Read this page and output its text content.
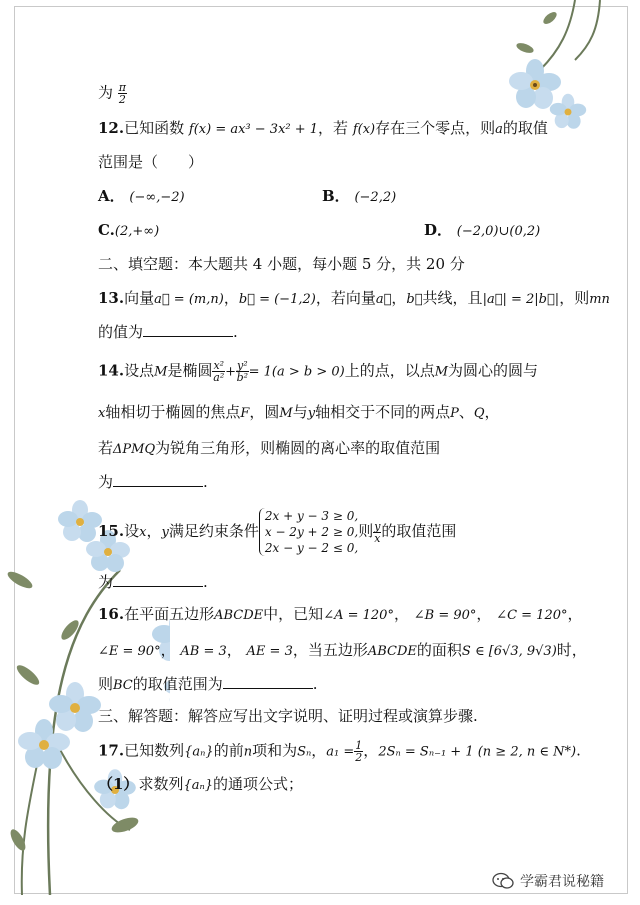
为 $\frac{\pi}{2}$
12.已知函数 f(x) = ax³ − 3x² + 1，若 f(x)存在三个零点，则a的取值
范围是（　　）
A． (−∞,−2)	B． (−2,2)
C.(2,+∞)	D． (−2,0)∪(0,2)
二、填空题：本大题共 4 小题，每小题 5 分，共 20 分
13.向量a⃗ = (m,n)，b⃗ = (−1,2)，若向量a⃗，b⃗共线，且|a⃗| = 2|b⃗|，则mn
的值为	.
14.设点M是椭圆 $\frac{\text{x²}}{\text{a²}} + \frac{\text{y²}}{\text{b²}} = 1(a > b > 0)$上的点，以点M为圆心的圆与
x轴相切于椭圆的焦点F，圆M与y轴相交于不同的两点P、Q，
若ΔPMQ为锐角三角形，则椭圆的离心率的取值范围
为	.
15.设x，y满足约束条件
2x + y − 3 ≥ 0,
x − 2y + 2 ≥ 0,
2x − y − 2 ≤ 0,
则 $\frac{y}{x}$ 的取值范围
为	.
16.在平面五边形ABCDE中，已知∠A = 120°， ∠B = 90°， ∠C = 120°，
∠E = 90°， AB = 3， AE = 3，当五边形ABCDE的面积S ∈ [6√3, 9√3)时，
则BC的取值范围为	.
三、解答题：解答应写出文字说明、证明过程或演算步骤.
17.已知数列{aₙ}的前n项和为Sₙ，$a_1 = \frac{1}{2}$ ，2Sₙ = Sₙ₋₁ + 1 (n ≥ 2, n ∈ N*).
（1）求数列{aₙ}的通项公式；
学霸君说秘籍
